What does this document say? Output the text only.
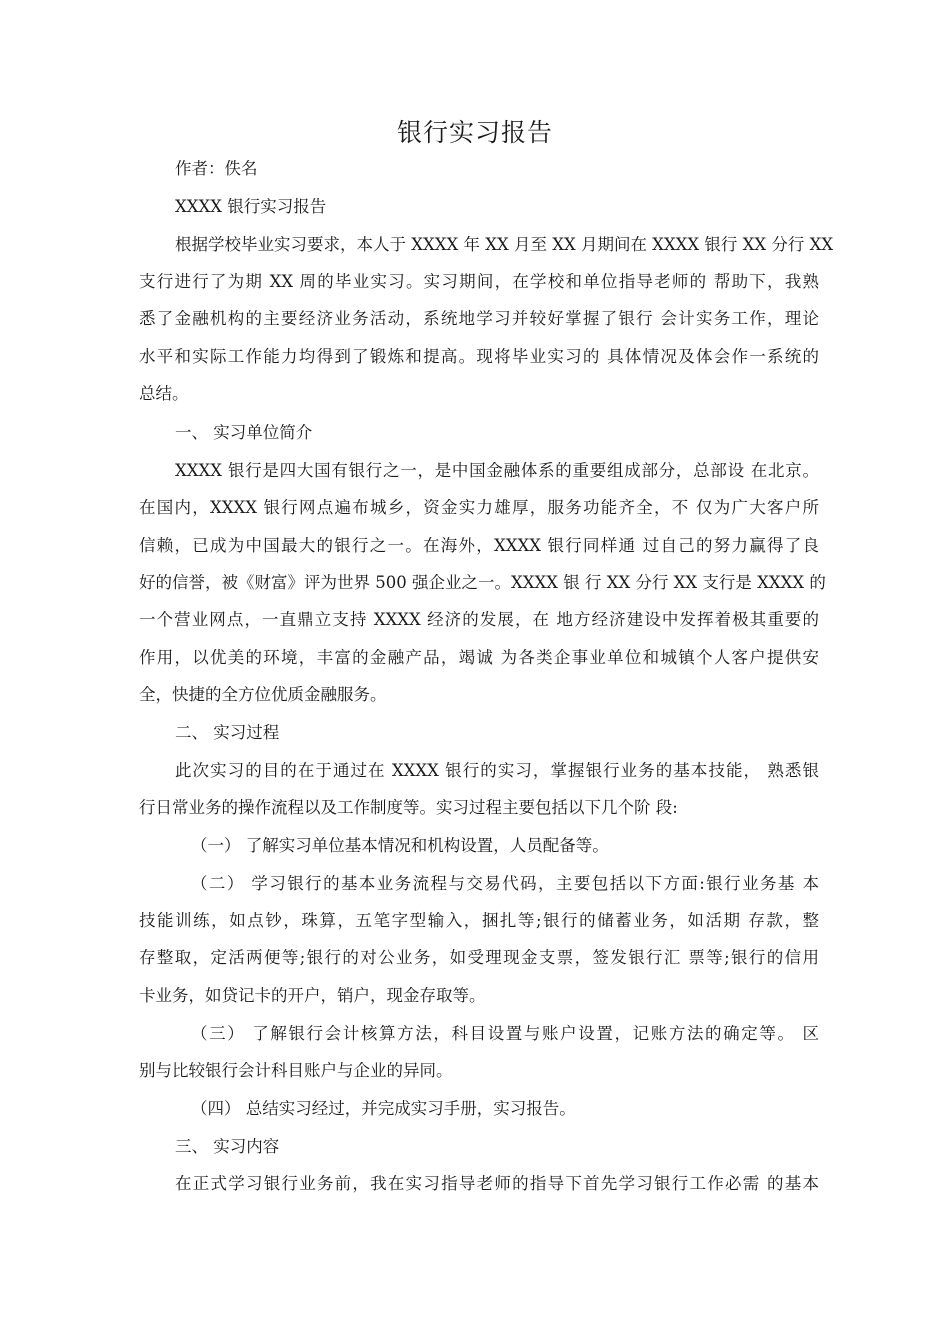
银行实习报告
作者：佚名
XXXX 银行实习报告
根据学校毕业实习要求，本人于 XXXX 年 XX 月至 XX 月期间在 XXXX 银行 XX 分行 XX
支行进行了为期 XX 周的毕业实习。实习期间，在学校和单位指导老师的 帮助下，我熟
悉了金融机构的主要经济业务活动，系统地学习并较好掌握了银行 会计实务工作，理论
水平和实际工作能力均得到了锻炼和提高。现将毕业实习的 具体情况及体会作一系统的
总结。
一、 实习单位简介
XXXX 银行是四大国有银行之一，是中国金融体系的重要组成部分，总部设 在北京。
在国内，XXXX 银行网点遍布城乡，资金实力雄厚，服务功能齐全，不 仅为广大客户所
信赖，已成为中国最大的银行之一。在海外，XXXX 银行同样通 过自己的努力赢得了良
好的信誉，被《财富》评为世界 500 强企业之一。XXXX 银 行 XX 分行 XX 支行是 XXXX 的
一个营业网点，一直鼎立支持 XXXX 经济的发展，在 地方经济建设中发挥着极其重要的
作用，以优美的环境，丰富的金融产品，竭诚 为各类企事业单位和城镇个人客户提供安
全，快捷的全方位优质金融服务。
二、 实习过程
此次实习的目的在于通过在 XXXX 银行的实习，掌握银行业务的基本技能， 熟悉银
行日常业务的操作流程以及工作制度等。实习过程主要包括以下几个阶 段:
（一） 了解实习单位基本情况和机构设置，人员配备等。
（二） 学习银行的基本业务流程与交易代码，主要包括以下方面:银行业务基 本
技能训练，如点钞，珠算，五笔字型输入，捆扎等;银行的储蓄业务，如活期 存款，整
存整取，定活两便等;银行的对公业务，如受理现金支票，签发银行汇 票等;银行的信用
卡业务，如贷记卡的开户，销户，现金存取等。
（三） 了解银行会计核算方法，科目设置与账户设置，记账方法的确定等。 区
别与比较银行会计科目账户与企业的异同。
（四） 总结实习经过，并完成实习手册，实习报告。
三、 实习内容
在正式学习银行业务前，我在实习指导老师的指导下首先学习银行工作必需 的基本
